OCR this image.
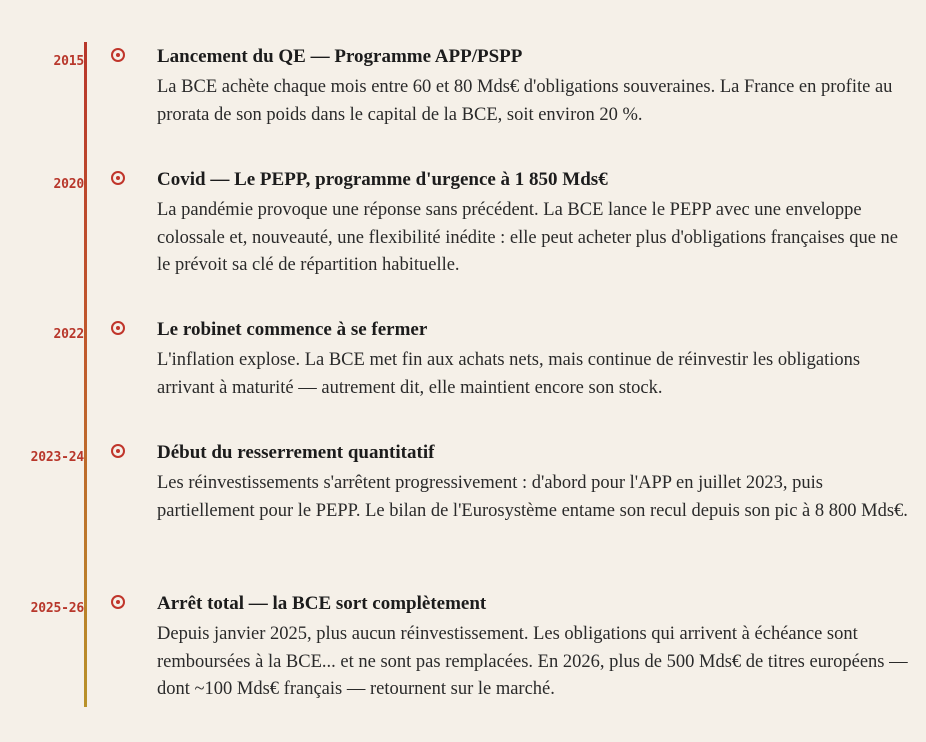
2015	Lancement du QE — Programme APP/PSPP
La BCE achète chaque mois entre 60 et 80 Mds€ d'obligations souveraines. La France en profite au prorata de son poids dans le capital de la BCE, soit environ 20 %.
2020	Covid — Le PEPP, programme d'urgence à 1 850 Mds€
La pandémie provoque une réponse sans précédent. La BCE lance le PEPP avec une enveloppe colossale et, nouveauté, une flexibilité inédite : elle peut acheter plus d'obligations françaises que ne le prévoit sa clé de répartition habituelle.
2022	Le robinet commence à se fermer
L'inflation explose. La BCE met fin aux achats nets, mais continue de réinvestir les obligations arrivant à maturité — autrement dit, elle maintient encore son stock.
2023-24	Début du resserrement quantitatif
Les réinvestissements s'arrêtent progressivement : d'abord pour l'APP en juillet 2023, puis partiellement pour le PEPP. Le bilan de l'Eurosystème entame son recul depuis son pic à 8 800 Mds€.
2025-26	Arrêt total — la BCE sort complètement
Depuis janvier 2025, plus aucun réinvestissement. Les obligations qui arrivent à échéance sont remboursées à la BCE... et ne sont pas remplacées. En 2026, plus de 500 Mds€ de titres européens — dont ~100 Mds€ français — retournent sur le marché.
